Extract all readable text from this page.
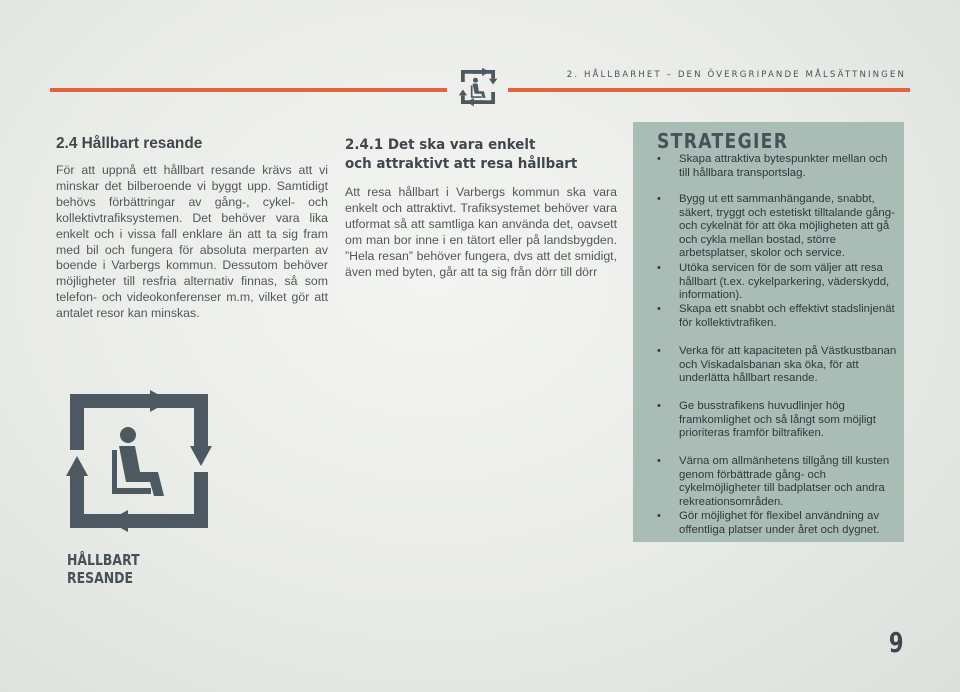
2. HÅLLBARHET – DEN ÖVERGRIPANDE MÅLSÄTTNINGEN
2.4 Hållbart resande

För att uppnå ett hållbart resande krävs att vi minskar det bilberoende vi byggt upp. Samtidigt behövs förbättringar av gång-, cykel- och kollektivtrafiksystemen. Det behöver vara lika enkelt och i vissa fall enklare än att ta sig fram med bil och fungera för absoluta merparten av boende i Varbergs kommun. Dessutom behöver möjligheter till resfria alternativ finnas, så som telefon- och videokonferenser m.m, vilket gör att antalet resor kan minskas.

2.4.1 Det ska vara enkelt
och attraktivt att resa hållbart

Att resa hållbart i Varbergs kommun ska vara enkelt och attraktivt. Trafiksystemet behöver vara utformat så att samtliga kan använda det, oavsett om man bor inne i en tätort eller på landsbygden. ”Hela resan” behöver fungera, dvs att det smidigt, även med byten, går att ta sig från dörr till dörr

STRATEGIER
•	Skapa attraktiva bytespunkter mellan och till hållbara transportslag.
•	Bygg ut ett sammanhängande, snabbt, säkert, tryggt och estetiskt tilltalande gång- och cykelnät för att öka möjligheten att gå och cykla mellan bostad, större arbetsplatser, skolor och service.
•	Utöka servicen för de som väljer att resa hållbart (t.ex. cykelparkering, väderskydd, information).
•	Skapa ett snabbt och effektivt stadslinjenät för kollektivtrafiken.
•	Verka för att kapaciteten på Västkustbanan och Viskadalsbanan ska öka, för att underlätta hållbart resande.
•	Ge busstrafikens huvudlinjer hög framkomlighet och så långt som möjligt prioriteras framför biltrafiken.
•	Värna om allmänhetens tillgång till kusten genom förbättrade gång- och cykelmöjligheter till badplatser och andra rekreationsområden.
•	Gör möjlighet för flexibel användning av offentliga platser under året och dygnet.
HÅLLBART
RESANDE
9
